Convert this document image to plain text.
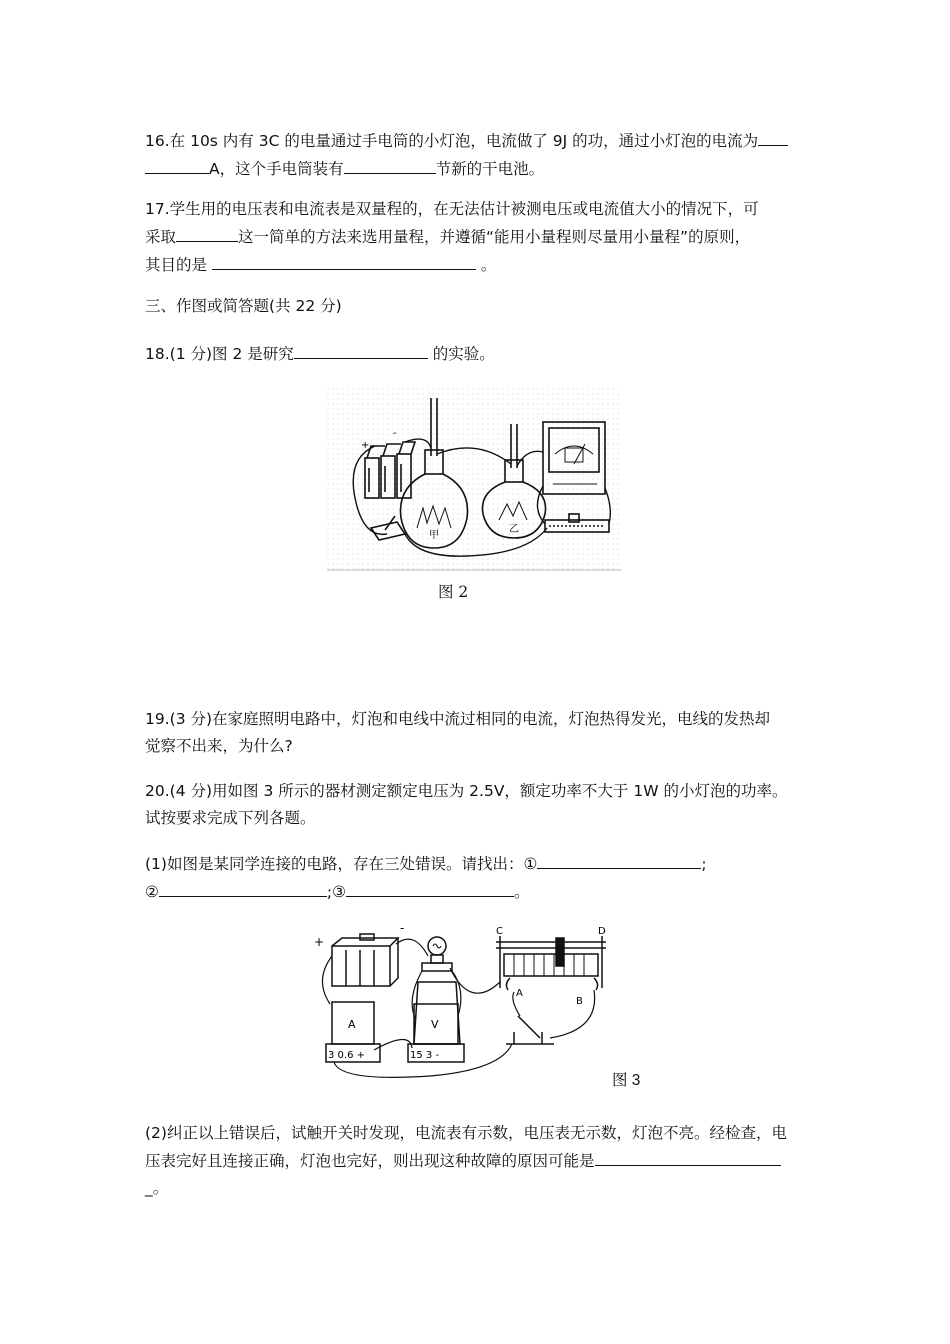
16.在 10s 内有 3C 的电量通过手电筒的小灯泡，电流做了 9J 的功，通过小灯泡的电流为
A，这个手电筒装有	节新的干电池。
17.学生用的电压表和电流表是双量程的，在无法估计被测电压或电流值大小的情况下，可
采取	这一简单的方法来选用量程，并遵循“能用小量程则尽量用小量程”的原则，
其目的是	。
三、作图或简答题(共 22 分)
18.(1 分)图 2 是研究	的实验。
+
-
甲
乙
图 2
19.(3 分)在家庭照明电路中，灯泡和电线中流过相同的电流，灯泡热得发光，电线的发热却
觉察不出来，为什么?
20.(4 分)用如图 3 所示的器材测定额定电压为 2.5V，额定功率不大于 1W 的小灯泡的功率。
试按要求完成下列各题。
(1)如图是某同学连接的电路，存在三处错误。请找出：①	;
②	;③	。
+
-	C	D
A
B
A	V
3 0.6 +	15 3 -
图 3
(2)纠正以上错误后，试触开关时发现，电流表有示数，电压表无示数，灯泡不亮。经检查，电
压表完好且连接正确，灯泡也完好，则出现这种故障的原因可能是
_。
